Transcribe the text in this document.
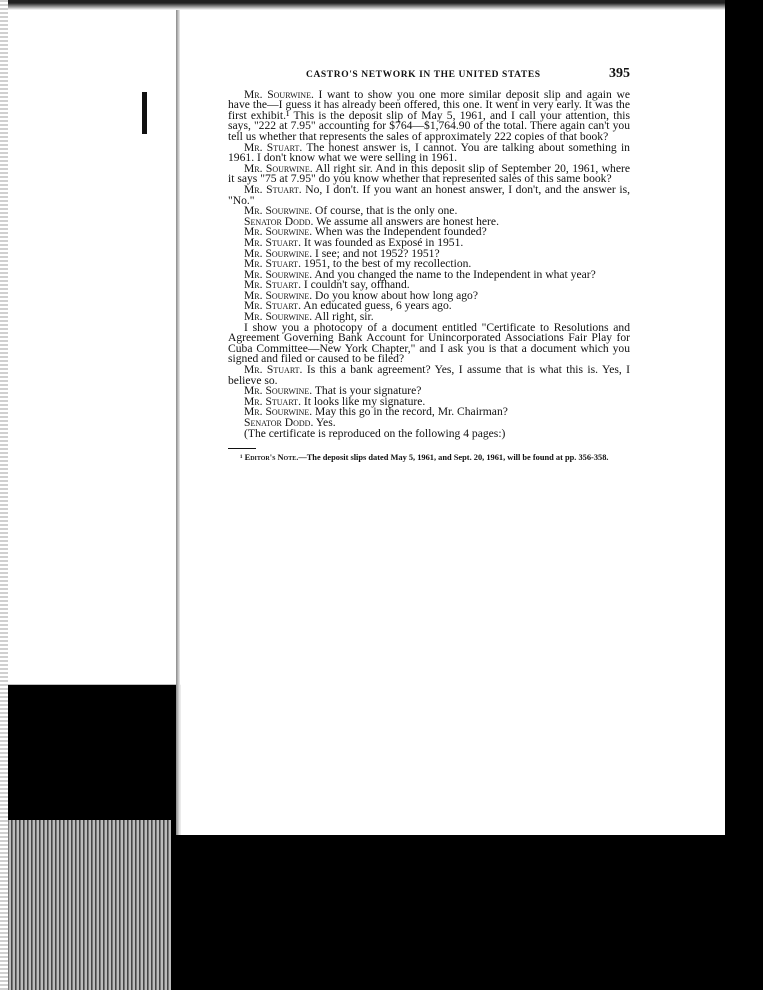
CASTRO'S NETWORK IN THE UNITED STATES	395

Mr. Sourwine. I want to show you one more similar deposit slip and again we have the—I guess it has already been offered, this one. It went in very early. It was the first exhibit.¹ This is the deposit slip of May 5, 1961, and I call your attention, this says, "222 at 7.95" accounting for $764—$1,764.90 of the total. There again can't you tell us whether that represents the sales of approximately 222 copies of that book?

Mr. Stuart. The honest answer is, I cannot. You are talking about something in 1961. I don't know what we were selling in 1961.

Mr. Sourwine. All right sir. And in this deposit slip of September 20, 1961, where it says "75 at 7.95" do you know whether that represented sales of this same book?

Mr. Stuart. No, I don't. If you want an honest answer, I don't, and the answer is, "No."

Mr. Sourwine. Of course, that is the only one.

Senator Dodd. We assume all answers are honest here.

Mr. Sourwine. When was the Independent founded?

Mr. Stuart. It was founded as Exposé in 1951.

Mr. Sourwine. I see; and not 1952? 1951?

Mr. Stuart. 1951, to the best of my recollection.

Mr. Sourwine. And you changed the name to the Independent in what year?

Mr. Stuart. I couldn't say, offhand.

Mr. Sourwine. Do you know about how long ago?

Mr. Stuart. An educated guess, 6 years ago.

Mr. Sourwine. All right, sir.

I show you a photocopy of a document entitled "Certificate to Resolutions and Agreement Governing Bank Account for Unincorporated Associations Fair Play for Cuba Committee—New York Chapter," and I ask you is that a document which you signed and filed or caused to be filed?

Mr. Stuart. Is this a bank agreement? Yes, I assume that is what this is. Yes, I believe so.

Mr. Sourwine. That is your signature?

Mr. Stuart. It looks like my signature.

Mr. Sourwine. May this go in the record, Mr. Chairman?

Senator Dodd. Yes.

(The certificate is reproduced on the following 4 pages:)

¹ Editor's Note.—The deposit slips dated May 5, 1961, and Sept. 20, 1961, will be found at pp. 356-358.
